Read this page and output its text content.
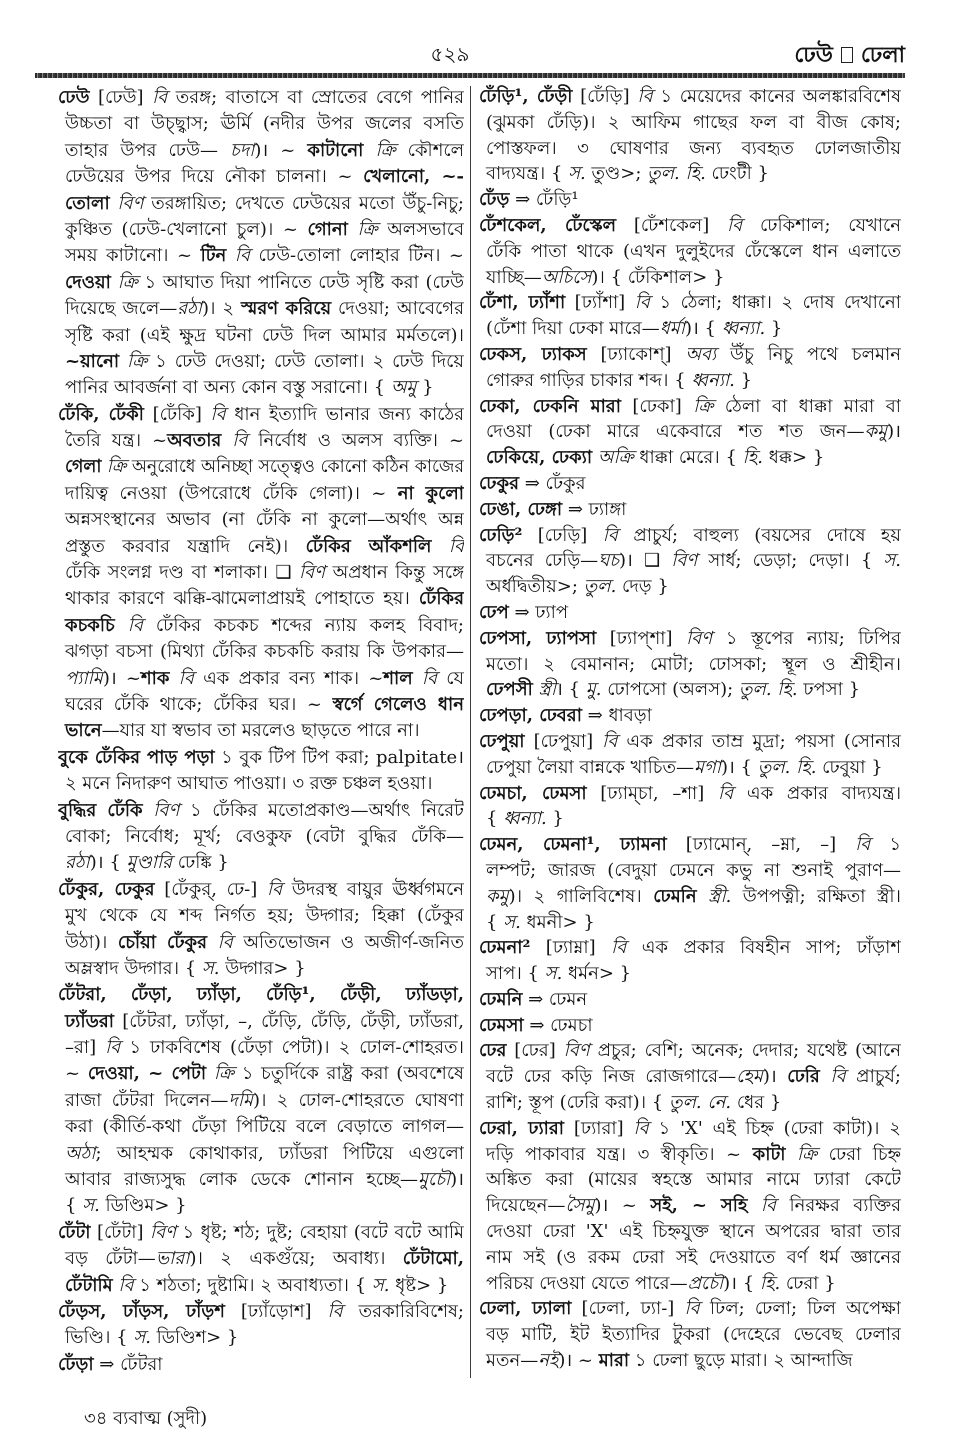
৫২৯	ঢেউ ঢেলা
ঢেউ [ঢেউ] বি তরঙ্গ; বাতাসে বা স্রোতের বেগে পানির
উচ্চতা বা উচ্ছ্বাস; ঊর্মি (নদীর উপর জলের বসতি
তাহার উপর ঢেউ— চদা)। ~ কাটানো ক্রি কৌশলে
ঢেউয়ের উপর দিয়ে নৌকা চালনা। ~ খেলানো, ~-
তোলা বিণ তরঙ্গায়িত; দেখতে ঢেউয়ের মতো উঁচু-নিচু;
কুঞ্চিত (ঢেউ-খেলানো চুল)। ~ গোনা ক্রি অলসভাবে
সময় কাটানো। ~ টিন বি ঢেউ-তোলা লোহার টিন। ~
দেওয়া ক্রি ১ আঘাত দিয়া পানিতে ঢেউ সৃষ্টি করা (ঢেউ
দিয়েছে জলে—রঠা)। ২ স্মরণ করিয়ে দেওয়া; আবেগের
সৃষ্টি করা (এই ক্ষুদ্র ঘটনা ঢেউ দিল আমার মর্মতলে)।
~য়ানো ক্রি ১ ঢেউ দেওয়া; ঢেউ তোলা। ২ ঢেউ দিয়ে
পানির আবর্জনা বা অন্য কোন বস্তু সরানো। { অমু }
ঢেঁকি, ঢেঁকী [ঢেঁকি] বি ধান ইত্যাদি ভানার জন্য কাঠের
তৈরি যন্ত্র। ~অবতার বি নির্বোধ ও অলস ব্যক্তি। ~
গেলা ক্রি অনুরোধে অনিচ্ছা সত্ত্বেও কোনো কঠিন কাজের
দায়িত্ব নেওয়া (উপরোধে ঢেঁকি গেলা)। ~ না কুলো
অন্নসংস্থানের অভাব (না ঢেঁকি না কুলো—অর্থাৎ অন্ন
প্রস্তুত করবার যন্ত্রাদি নেই)। ঢেঁকির আঁকশলি বি
ঢেঁকি সংলগ্ন দণ্ড বা শলাকা। ❑ বিণ অপ্রধান কিন্তু সঙ্গে
থাকার কারণে ঝক্কি-ঝামেলাপ্রায়ই পোহাতে হয়। ঢেঁকির
কচকচি বি ঢেঁকির কচকচ শব্দের ন্যায় কলহ বিবাদ;
ঝগড়া বচসা (মিথ্যা ঢেঁকির কচকচি করায় কি উপকার—
প্যামি)। ~শাক বি এক প্রকার বন্য শাক। ~শাল বি যে
ঘরের ঢেঁকি থাকে; ঢেঁকির ঘর। ~ স্বর্গে গেলেও ধান
ভানে—যার যা স্বভাব তা মরলেও ছাড়তে পারে না।
বুকে ঢেঁকির পাড় পড়া ১ বুক টিপ টিপ করা; palpitate।
২ মনে নিদারুণ আঘাত পাওয়া। ৩ রক্ত চঞ্চল হওয়া।
বুদ্ধির ঢেঁকি বিণ ১ ঢেঁকির মতোপ্রকাণ্ড—অর্থাৎ নিরেট
বোকা; নির্বোধ; মূর্খ; বেওকুফ (বেটা বুদ্ধির ঢেঁকি—
রঠা)। { মুণ্ডারি ঢেঙ্কি }
ঢেঁকুর, ঢেকুর [ঢেঁকুর্, ঢে-] বি উদরস্থ বায়ুর ঊর্ধ্বগমনে
মুখ থেকে যে শব্দ নির্গত হয়; উদ্গার; হিক্কা (ঢেঁকুর
উঠা)। চোঁয়া ঢেঁকুর বি অতিভোজন ও অজীর্ণ-জনিত
অম্লস্বাদ উদ্গার। { স. উদ্গার> }
ঢেঁটরা, ঢেঁড়া, ঢ্যাঁড়া, ঢেঁড়ি¹, ঢেঁড়ী, ঢ্যাঁডড়া,
ঢ্যাঁডরা [ঢেঁটরা, ঢ্যাঁড়া, –, ঢেঁড়ি, ঢেঁড়ি, ঢেঁড়ী, ঢ্যাঁডরা,
–রা] বি ১ ঢাকবিশেষ (ঢেঁড়া পেটা)। ২ ঢোল-শোহরত।
~ দেওয়া, ~ পেটা ক্রি ১ চতুর্দিকে রাষ্ট্র করা (অবশেষে
রাজা ঢেঁটরা দিলেন—দমি)। ২ ঢোল-শোহরতে ঘোষণা
করা (কীর্তি-কথা ঢেঁড়া পিটিয়ে বলে বেড়াতে লাগল—
অঠা; আহম্মক কোথাকার, ঢ্যাঁডরা পিটিয়ে এগুলো
আবার রাজ্যসুদ্ধ লোক ডেকে শোনান হচ্ছে—মুচৌ)।
{ স. ডিণ্ডিম> }
ঢেঁটা [ঢেঁটা] বিণ ১ ধৃষ্ট; শঠ; দুষ্ট; বেহায়া (বটে বটে আমি
বড় ঢেঁটা—ভারা)। ২ একগুঁয়ে; অবাধ্য। ঢেঁটামো,
ঢেঁটামি বি ১ শঠতা; দুষ্টামি। ২ অবাধ্যতা। { স. ধৃষ্ট> }
ঢেঁড়স, ঢাঁড়স, ঢাঁড়শ [ঢ্যাঁড়োশ] বি তরকারিবিশেষ;
ভিণ্ডি। { স. ডিণ্ডিশ> }
ঢেঁড়া ⇒ ঢেঁটরা
ঢেঁড়ি¹, ঢেঁড়ী [ঢেঁড়ি] বি ১ মেয়েদের কানের অলঙ্কারবিশেষ
(ঝুমকা ঢেঁড়ি)। ২ আফিম গাছের ফল বা বীজ কোষ;
পোস্তফল। ৩ ঘোষণার জন্য ব্যবহৃত ঢোলজাতীয়
বাদ্যযন্ত্র। { স. তুণ্ড>; তুল. হি. ঢেংটী }
ঢেঁড় ⇒ ঢেঁড়ি¹
ঢেঁশকেল, ঢেঁস্কেল [ঢেঁশকেল] বি ঢেকিশাল; যেখানে
ঢেঁকি পাতা থাকে (এখন দুলুইদের ঢেঁস্কেলে ধান এলাতে
যাচ্ছি—অচিসে)। { ঢেঁকিশাল> }
ঢেঁশা, ঢ্যাঁশা [ঢ্যাঁশা] বি ১ ঠেলা; ধাক্কা। ২ দোষ দেখানো
(ঢেঁশা দিয়া ঢেকা মারে—ধর্মা)। { ধ্বন্যা. }
ঢেকস, ঢ্যাকস [ঢ্যাকোশ্] অব্য উঁচু নিচু পথে চলমান
গোরুর গাড়ির চাকার শব্দ। { ধ্বন্যা. }
ঢেকা, ঢেকনি মারা [ঢেকা] ক্রি ঠেলা বা ধাক্কা মারা বা
দেওয়া (ঢেকা মারে একেবারে শত শত জন—কমু)।
ঢেকিয়ে, ঢেক্যা অক্রি ধাক্কা মেরে। { হি. ধক্ক> }
ঢেকুর ⇒ ঢেঁকুর
ঢেঙা, ঢেঙ্গা ⇒ ঢ্যাঙ্গা
ঢেড়ি² [ঢেড়ি] বি প্রাচুর্য; বাহুল্য (বয়সের দোষে হয়
বচনের ঢেড়ি—ঘচ)। ❑ বিণ সার্ধ; ডেড়া; দেড়া। { স.
অর্ধদ্বিতীয়>; তুল. দেড় }
ঢেপ ⇒ ঢ্যাপ
ঢেপসা, ঢ্যাপসা [ঢ্যাপ্শা] বিণ ১ স্তূপের ন্যায়; ঢিপির
মতো। ২ বেমানান; মোটা; ঢোসকা; স্থূল ও শ্রীহীন।
ঢেপসী স্ত্রী। { মু. ঢোপসো (অলস); তুল. হি. ঢপসা }
ঢেপড়া, ঢেবরা ⇒ ধাবড়া
ঢেপুয়া [ঢেপুয়া] বি এক প্রকার তাম্র মুদ্রা; পয়সা (সোনার
ঢেপুয়া লৈয়া বান্নকে খাচিত—মগা)। { তুল. হি. ঢেবুয়া }
ঢেমচা, ঢেমসা [ঢ্যাম্চা, –শা] বি এক প্রকার বাদ্যযন্ত্র।
{ ধ্বন্যা. }
ঢেমন, ঢেমনা¹, ঢ্যামনা [ঢ্যামোন্, –ম্না, –] বি ১
লম্পট; জারজ (বেদুয়া ঢেমনে কভু না শুনাই পুরাণ—
কমু)। ২ গালিবিশেষ। ঢেমনি স্ত্রী. উপপত্নী; রক্ষিতা স্ত্রী।
{ স. ধমনী> }
ঢেমনা² [ঢ্যাম্না] বি এক প্রকার বিষহীন সাপ; ঢাঁড়াশ
সাপ। { স. ধর্মন> }
ঢেমনি ⇒ ঢেমন
ঢেমসা ⇒ ঢেমচা
ঢের [ঢের] বিণ প্রচুর; বেশি; অনেক; দেদার; যথেষ্ট (আনে
বটে ঢের কড়ি নিজ রোজগারে—হেম)। ঢেরি বি প্রাচুর্য;
রাশি; স্তূপ (ঢেরি করা)। { তুল. নে. ধের }
ঢেরা, ঢ্যারা [ঢ্যারা] বি ১ 'X' এই চিহ্ন (ঢেরা কাটা)। ২
দড়ি পাকাবার যন্ত্র। ৩ স্বীকৃতি। ~ কাটা ক্রি ঢেরা চিহ্ন
অঙ্কিত করা (মায়ের স্বহস্তে আমার নামে ঢ্যারা কেটে
দিয়েছেন—সৈমু)। ~ সই, ~ সহি বি নিরক্ষর ব্যক্তির
দেওয়া ঢেরা 'X' এই চিহ্নযুক্ত স্থানে অপরের দ্বারা তার
নাম সই (ও রকম ঢেরা সই দেওয়াতে বর্ণ ধর্ম জ্ঞানের
পরিচয় দেওয়া যেতে পারে—প্রচৌ)। { হি. ঢেরা }
ঢেলা, ঢ্যালা [ঢেলা, ঢ্যা-] বি ঢিল; ঢেলা; ঢিল অপেক্ষা
বড় মাটি, ইট ইত্যাদির টুকরা (দেহেরে ভেবেছ ঢেলার
মতন—নই)। ~ মারা ১ ঢেলা ছুড়ে মারা। ২ আন্দাজি
৩৪ ব্যবাত্ম (সুদী)
